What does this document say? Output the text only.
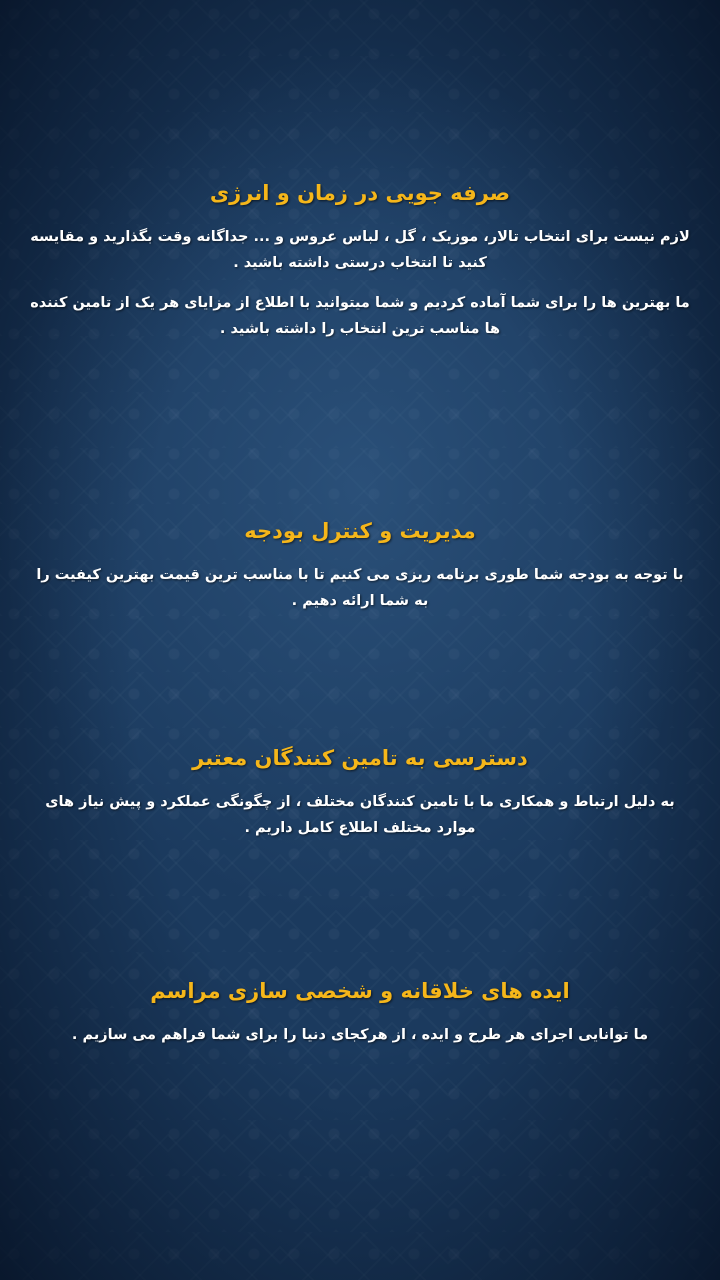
صرفه جویی در زمان و انرژی

لازم نیست برای انتخاب تالار، موزیک ، گل ، لباس عروس و ... جداگانه وقت بگذارید و مقایسه کنید تا انتخاب درستی داشته باشید .

ما بهترین ها را برای شما آماده کردیم و شما میتوانید با اطلاع از مزایای هر یک از تامین کننده ها مناسب ترین انتخاب را داشته باشید .

مدیریت و کنترل بودجه

با توجه به بودجه شما طوری برنامه ریزی می کنیم تا با مناسب ترین قیمت بهترین کیفیت را به شما ارائه دهیم .

دسترسی به تامین کنندگان معتبر

به دلیل ارتباط و همکاری ما با تامین کنندگان مختلف ، از چگونگی عملکرد و پیش نیاز های موارد مختلف اطلاع کامل داریم .

ایده های خلاقانه و شخصی سازی مراسم

ما توانایی اجرای هر طرح و ایده ، از هرکجای دنیا را برای شما فراهم می سازیم .
